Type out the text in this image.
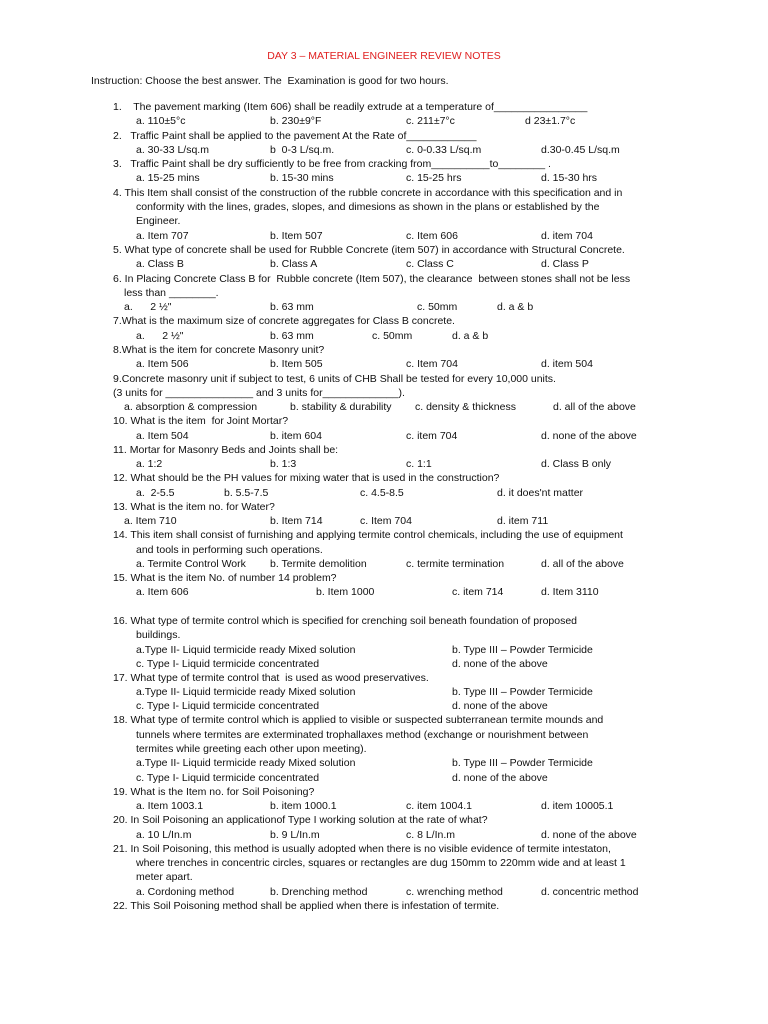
DAY 3 – MATERIAL ENGINEER REVIEW NOTES
Instruction: Choose the best answer. The  Examination is good for two hours.
1.    The pavement marking (Item 606) shall be readily extrude at a temperature of________________
2.   Traffic Paint shall be applied to the pavement At the Rate of____________
3.   Traffic Paint shall be dry sufficiently to be free from cracking from__________to________ .
4. This Item shall consist of the construction of the rubble concrete in accordance with this specification and in
conformity with the lines, grades, slopes, and dimesions as shown in the plans or established by the
Engineer.
5. What type of concrete shall be used for Rubble Concrete (item 507) in accordance with Structural Concrete.
6. In Placing Concrete Class B for  Rubble concrete (Item 507), the clearance  between stones shall not be less
less than ________.
7.What is the maximum size of concrete aggregates for Class B concrete.
8.What is the item for concrete Masonry unit?
9.Concrete masonry unit if subject to test, 6 units of CHB Shall be tested for every 10,000 units.
(3 units for _______________ and 3 units for_____________).
10. What is the item  for Joint Mortar?
11. Mortar for Masonry Beds and Joints shall be:
12. What should be the PH values for mixing water that is used in the construction?
13. What is the item no. for Water?
14. This item shall consist of furnishing and applying termite control chemicals, including the use of equipment
and tools in performing such operations.
15. What is the item No. of number 14 problem?
16. What type of termite control which is specified for crenching soil beneath foundation of proposed
buildings.
17. What type of termite control that  is used as wood preservatives.
18. What type of termite control which is applied to visible or suspected subterranean termite mounds and
tunnels where termites are exterminated trophallaxes method (exchange or nourishment between
termites while greeting each other upon meeting).
19. What is the Item no. for Soil Poisoning?
20. In Soil Poisoning an applicationof Type I working solution at the rate of what?
21. In Soil Poisoning, this method is usually adopted when there is no visible evidence of termite intestaton,
where trenches in concentric circles, squares or rectangles are dug 150mm to 220mm wide and at least 1
meter apart.
22. This Soil Poisoning method shall be applied when there is infestation of termite.
a. 110±5°c	b. 230±9°F	c. 211±7°c	d 23±1.7°c
a. 30-33 L/sq.m	b  0-3 L/sq.m.	c. 0-0.33 L/sq.m	d.30-0.45 L/sq.m
a. 15-25 mins	b. 15-30 mins	c. 15-25 hrs	d. 15-30 hrs
a. Item 707	b. Item 507	c. Item 606	d. item 704
a. Class B	b. Class A	c. Class C	d. Class P
a.      2 ½"	b. 63 mm	c. 50mm	d. a & b
a.      2 ½"	b. 63 mm	c. 50mm	d. a & b
a. Item 506	b. Item 505	c. Item 704	d. item 504
a. absorption & compression	b. stability & durability c. density & thickness	d. all of the above
a. Item 504	b. item 604	c. item 704	d. none of the above
a. 1:2	b. 1:3	c. 1:1	d. Class B only
a.  2-5.5	b. 5.5-7.5	c. 4.5-8.5	d. it does'nt matter
a. Item 710	b. Item 714	c. Item 704	d. item 711
a. Termite Control Work b. Termite demolition	c. termite termination	d. all of the above
a. Item 606	b. Item 1000	c. item 714	d. Item 3110
a.Type II- Liquid termicide ready Mixed solution	b. Type III – Powder Termicide
c. Type I- Liquid termicide concentrated	d. none of the above
a.Type II- Liquid termicide ready Mixed solution	b. Type III – Powder Termicide
c. Type I- Liquid termicide concentrated	d. none of the above
a.Type II- Liquid termicide ready Mixed solution	b. Type III – Powder Termicide
c. Type I- Liquid termicide concentrated	d. none of the above
a. Item 1003.1	b. item 1000.1	c. item 1004.1	d. item 10005.1
a. 10 L/In.m	b. 9 L/In.m	c. 8 L/In.m	d. none of the above
a. Cordoning method	b. Drenching method	c. wrenching method	d. concentric method
